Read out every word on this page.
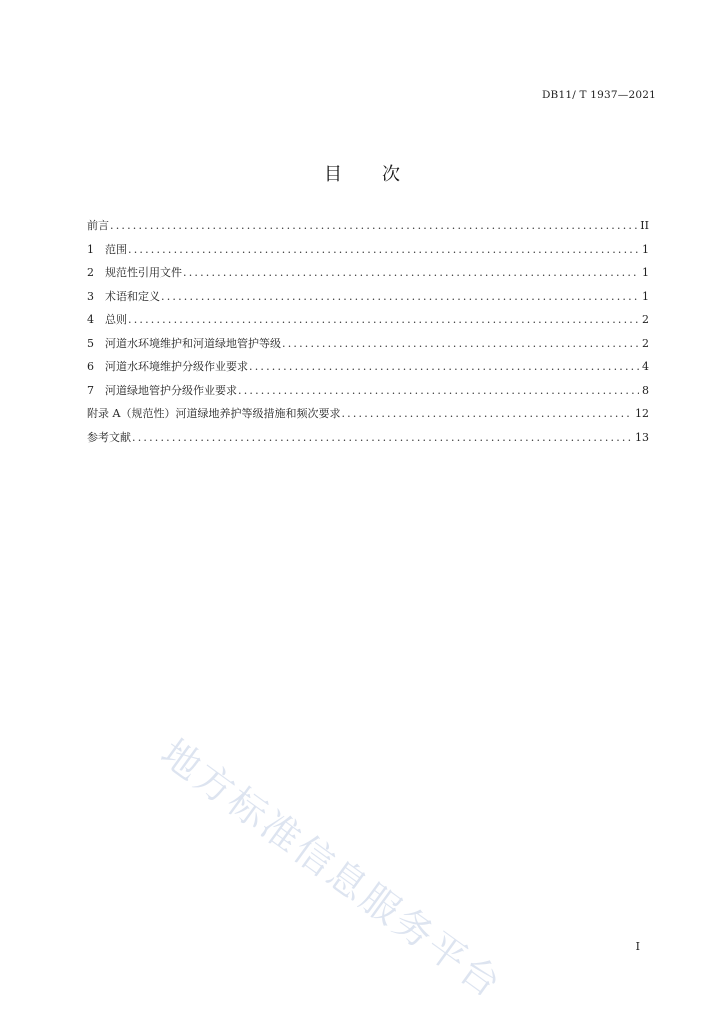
DB11/ T 1937—2021
目 次
前言 .....	II
1 范围 .....	1
2 规范性引用文件 .....	1
3 术语和定义 .....	1
4 总则 .....	2
5 河道水环境维护和河道绿地管护等级 .....	2
6 河道水环境维护分级作业要求 .....	4
7 河道绿地管护分级作业要求 .....	8
附录 A（规范性）河道绿地养护等级措施和频次要求 .....	12
参考文献 .....	13
地方标准信息服务平台	I
